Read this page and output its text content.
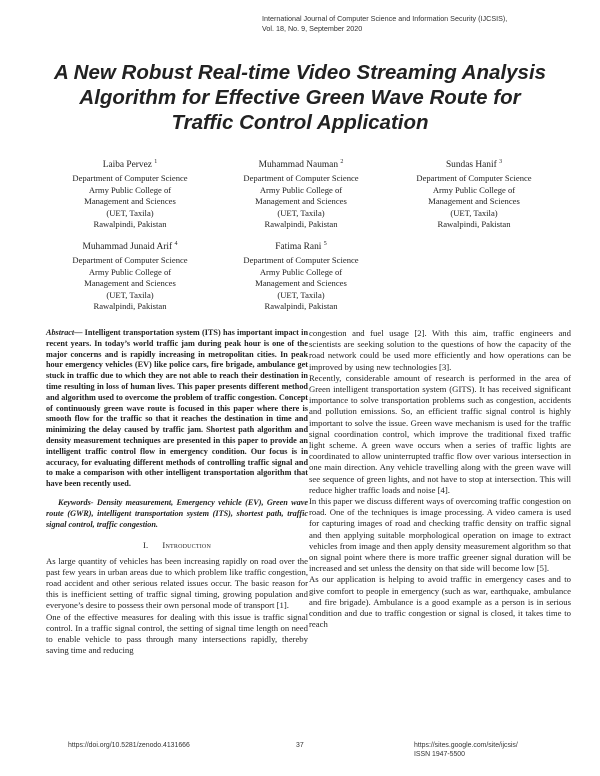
International Journal of Computer Science and Information Security (IJCSIS),
Vol. 18, No. 9, September 2020
A New Robust Real-time Video Streaming Analysis
Algorithm for Effective Green Wave Route for
Traffic Control Application
Laiba Pervez $^1$
Department of Computer Science
Army Public College of
Management and Sciences
(UET, Taxila)
Rawalpindi, Pakistan
Muhammad Nauman $^2$
Department of Computer Science
Army Public College of
Management and Sciences
(UET, Taxila)
Rawalpindi, Pakistan
Sundas Hanif $^3$
Department of Computer Science
Army Public College of
Management and Sciences
(UET, Taxila)
Rawalpindi, Pakistan
Muhammad Junaid Arif $^4$
Department of Computer Science
Army Public College of
Management and Sciences
(UET, Taxila)
Rawalpindi, Pakistan
Fatima Rani $^5$
Department of Computer Science
Army Public College of
Management and Sciences
(UET, Taxila)
Rawalpindi, Pakistan

Abstract— Intelligent transportation system (ITS) has important impact in recent years. In today’s world traffic jam during peak hour is one of the major concerns and is rapidly increasing in metropolitan cities. In peak hour emergency vehicles (EV) like police cars, fire brigade, ambulance get stuck in traffic due to which they are not able to reach their destination in time resulting in loss of human lives. This paper presents different method and algorithm used to overcome the problem of traffic congestion. Concept of continuously green wave route is focused in this paper where there is smooth flow for the traffic so that it reaches the destination in time and minimizing the delay caused by traffic jam. Shortest path algorithm and density measurement techniques are presented in this paper to provide an intelligent traffic control flow in emergency condition. Our focus is in accuracy, for evaluating different methods of controlling traffic signal and to make a comparison with other intelligent transportation algorithm that have been recently used.

Keywords- Density measurement, Emergency vehicle (EV), Green wave route (GWR), intelligent transportation system (ITS), shortest path, traffic signal control, traffic congestion.

I. Introduction

As large quantity of vehicles has been increasing rapidly on road over the past few years in urban areas due to which problem like traffic congestion, road accident and other serious related issues occur. The basic reason for this is inefficient setting of traffic signal timing, growing population and everyone’s desire to possess their own personal mode of transport [1].

One of the effective measures for dealing with this issue is traffic signal control. In a traffic signal control, the setting of signal time length on need to enable vehicle to pass through many intersections rapidly, thereby saving time and reducing

congestion and fuel usage [2]. With this aim, traffic engineers and scientists are seeking solution to the questions of how the capacity of the road network could be used more efficiently and how operations can be improved by using new technologies [3].

Recently, considerable amount of research is performed in the area of Green intelligent transportation system (GITS). It has received significant importance to solve transportation problems such as congestion, accidents and pollution emissions. So, an efficient traffic signal control is highly important to solve the issue. Green wave mechanism is used for the traffic signal coordination control, which improve the traditional fixed traffic light scheme. A green wave occurs when a series of traffic lights are coordinated to allow uninterrupted traffic flow over various intersection in one main direction. Any vehicle travelling along with the green wave will see sequence of green lights, and not have to stop at intersection. This will reduce higher traffic loads and noise [4].

In this paper we discuss different ways of overcoming traffic congestion on road. One of the techniques is image processing. A video camera is used for capturing images of road and checking traffic density on traffic signal and then applying suitable morphological operation on image to extract vehicles from image and then apply density measurement algorithm so that on signal point where there is more traffic greener signal duration will be increased and set unless the density on that side will become low [5].

As our application is helping to avoid traffic in emergency cases and to give comfort to people in emergency (such as war, earthquake, ambulance and fire brigade). Ambulance is a good example as a person is in serious condition and due to traffic congestion or signal is closed, it takes time to reach

https://doi.org/10.5281/zenodo.4131666	37	https://sites.google.com/site/ijcsis/
ISSN 1947-5500
